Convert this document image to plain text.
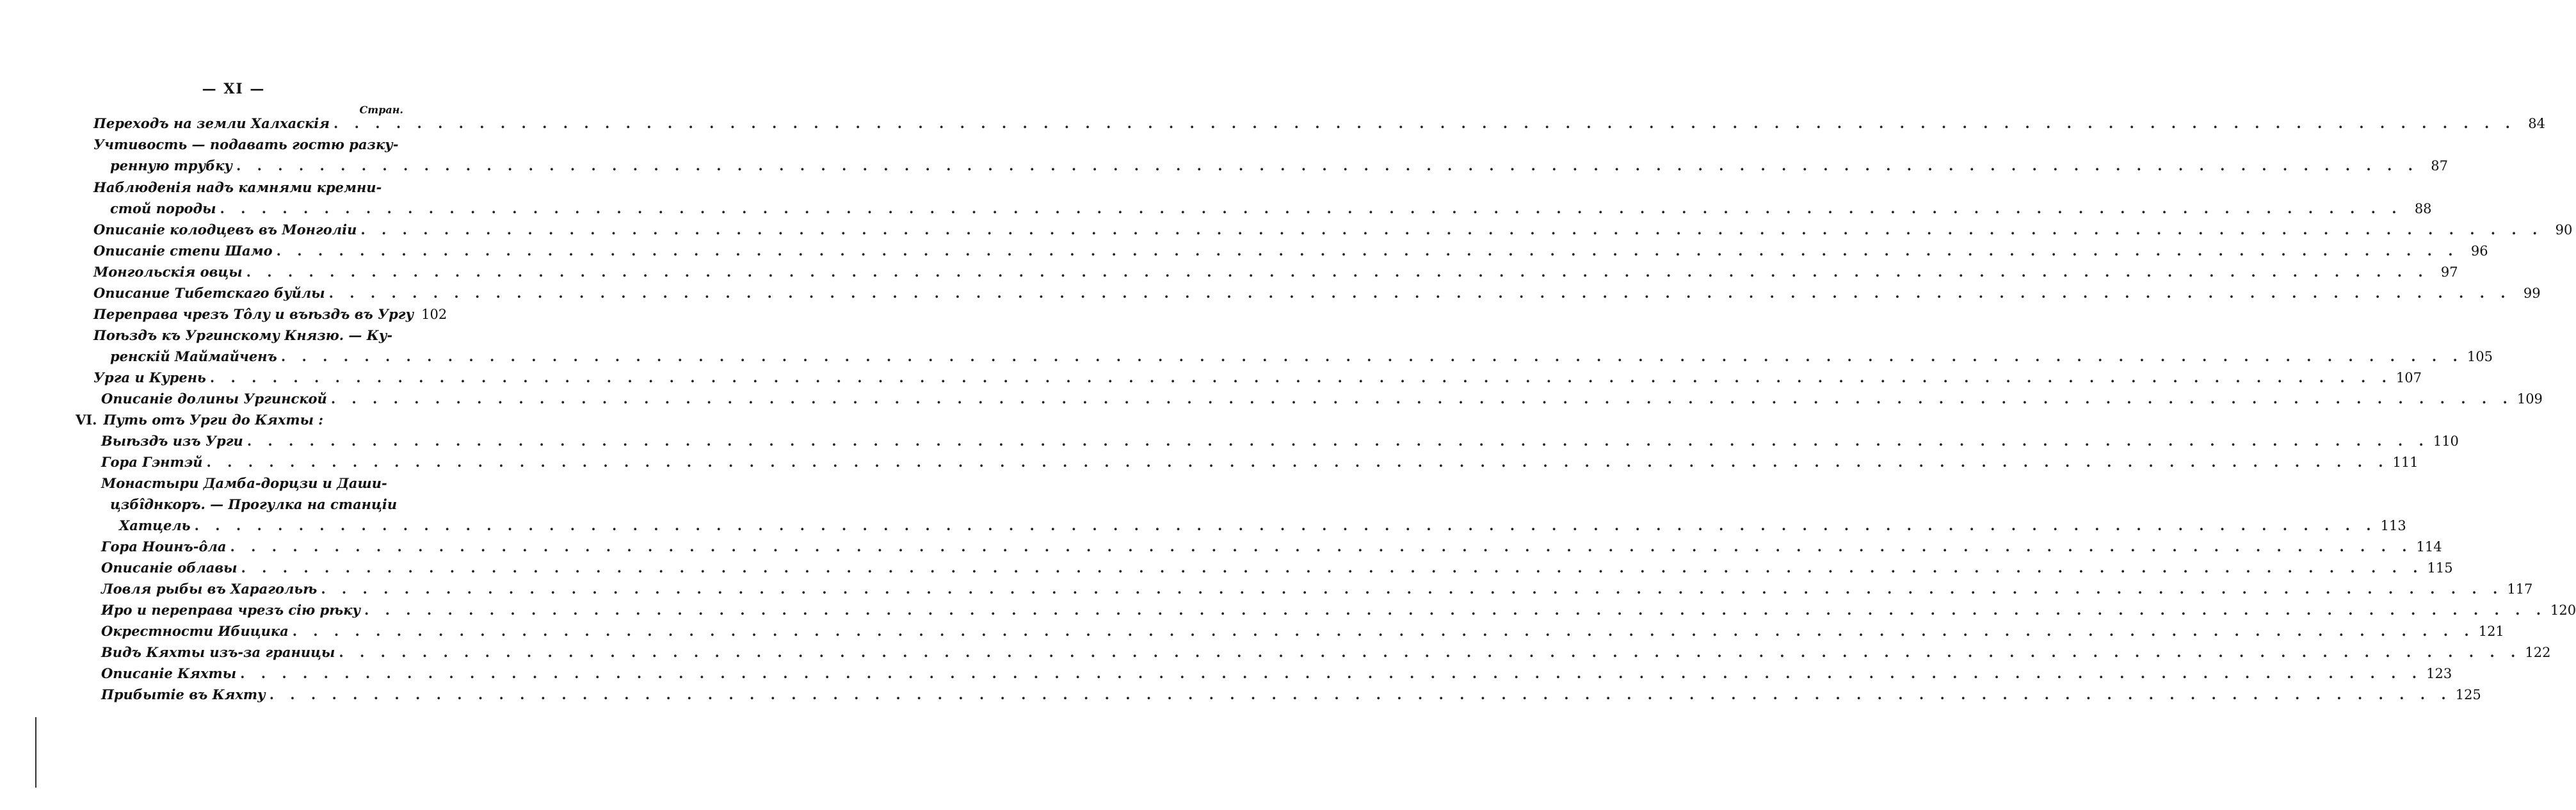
— XI —
Стран.
Переходъ на земли Халхаскія . . .	84
Учтивость — подавать гостю разку-
ренную трубку . . .	87
Наблюденія надъ камнями кремни-
стой породы . . .	88
Описаніе колодцевъ въ Монголіи . . .	90
Описаніе степи Шамо . . .	96
Монгольскія овцы . . .	97
Описание Тибетскаго буйлы . . .	99
Переправа чрезъ Тôлу и въѣздъ въ Ургу 102
Поѣздъ къ Ургинскому Князю. — Ку-
ренскій Маймайченъ . . .	105
Урга и Курень . . .	107
Описаніе долины Ургинской . . .	109
VI. Путь отъ Урги до Кяхты :
Выѣздъ изъ Урги . . .	110
Гора Гэнтэй . . .	111
Монастыри Дамба-дорцзи и Даши-
цзбîднкоръ. — Прогулка на станціи
Хатцель . . .	113
Гора Ноинъ-ôла . . .	114
Описаніе облавы . . .	115
Ловля рыбы въ Харагольѣ . . .	117
Иро и переправа чрезъ сію рѣку . . .	120
Окрестности Ибицика . . .	121
Видъ Кяхты изъ-за границы . . .	122
Описаніе Кяхты . . .	123
Прибытіе въ Кяхту . . .	125
